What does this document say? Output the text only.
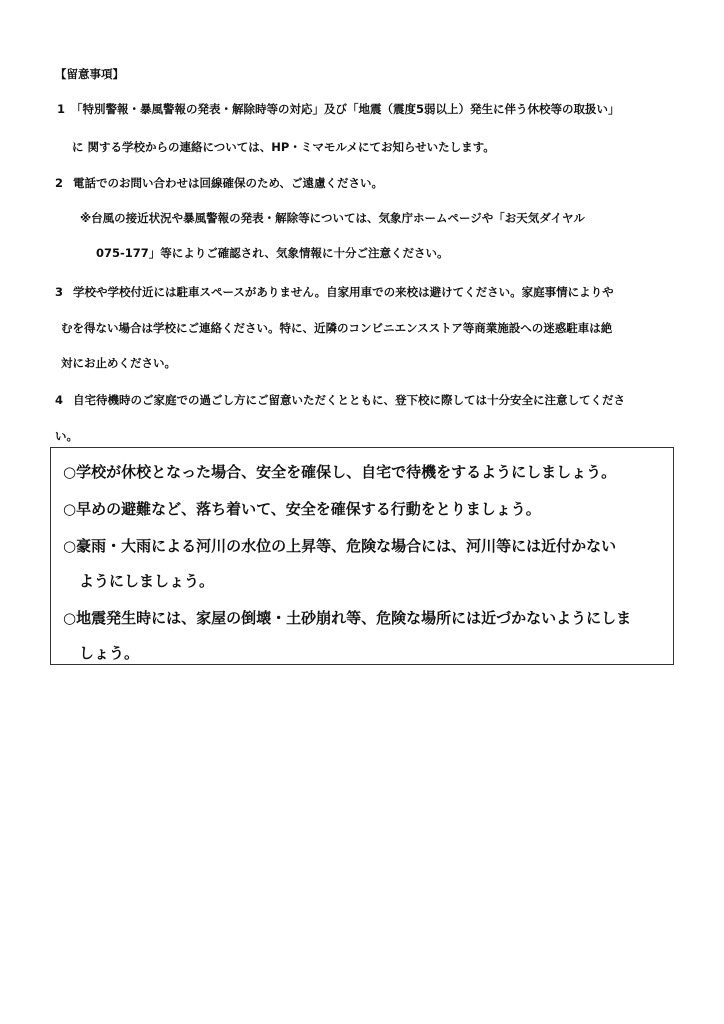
【留意事項】
1 「特別警報・暴風警報の発表・解除時等の対応」及び「地震（震度5弱以上）発生に伴う休校等の取扱い」
に 関する学校からの連絡については、HP・ミマモルメにてお知らせいたします。
2 電話でのお問い合わせは回線確保のため、ご遠慮ください。
※台風の接近状況や暴風警報の発表・解除等については、気象庁ホームページや「お天気ダイヤル
075-177」等によりご確認され、気象情報に十分ご注意ください。
3 学校や学校付近には駐車スペースがありません。自家用車での来校は避けてください。家庭事情によりや
むを得ない場合は学校にご連絡ください。特に、近隣のコンビニエンスストア等商業施設への迷惑駐車は絶
対にお止めください。
4 自宅待機時のご家庭での過ごし方にご留意いただくとともに、登下校に際しては十分安全に注意してくださ
い。
○学校が休校となった場合、安全を確保し、自宅で待機をするようにしましょう。
○早めの避難など、落ち着いて、安全を確保する行動をとりましょう。
○豪雨・大雨による河川の水位の上昇等、危険な場合には、河川等には近付かない
ようにしましょう。
○地震発生時には、家屋の倒壊・土砂崩れ等、危険な場所には近づかないようにしま
しょう。
